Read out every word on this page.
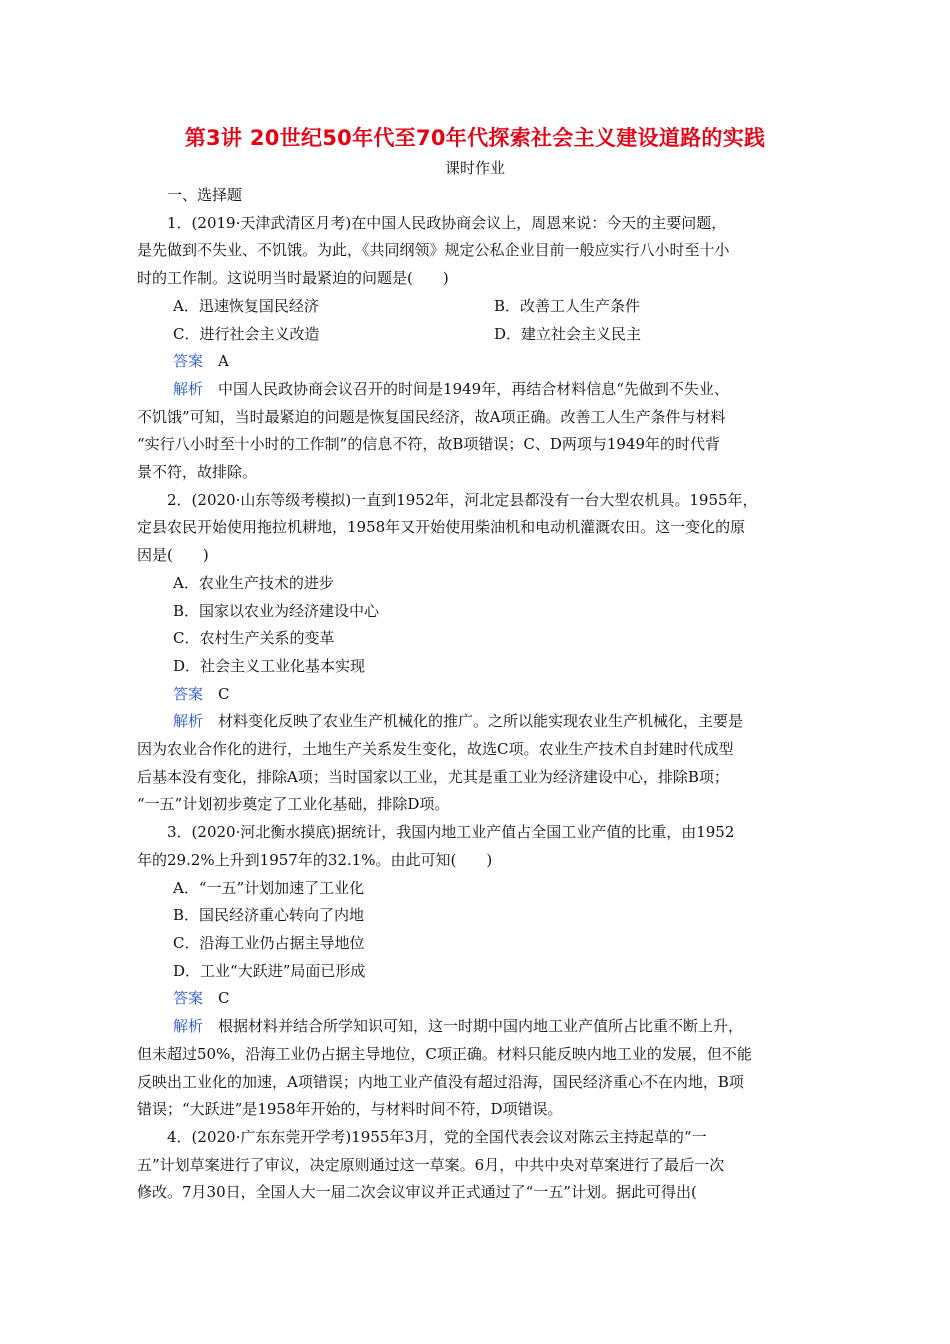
第3讲 20世纪50年代至70年代探索社会主义建设道路的实践
课时作业

一、选择题

1．(2019·天津武清区月考)在中国人民政协商会议上，周恩来说：今天的主要问题，

是先做到不失业、不饥饿。为此，《共同纲领》规定公私企业目前一般应实行八小时至十小

时的工作制。这说明当时最紧迫的问题是(　　)

A．迅速恢复国民经济	B．改善工人生产条件
C．进行社会主义改造	D．建立社会主义民主

答案　 A

解析　 中国人民政协商会议召开的时间是1949年，再结合材料信息“先做到不失业、

不饥饿”可知，当时最紧迫的问题是恢复国民经济，故A项正确。改善工人生产条件与材料

“实行八小时至十小时的工作制”的信息不符，故B项错误；C、D两项与1949年的时代背

景不符，故排除。

2．(2020·山东等级考模拟)一直到1952年，河北定县都没有一台大型农机具。1955年，

定县农民开始使用拖拉机耕地，1958年又开始使用柴油机和电动机灌溉农田。这一变化的原

因是(　　)

A．农业生产技术的进步

B．国家以农业为经济建设中心

C．农村生产关系的变革

D．社会主义工业化基本实现

答案　 C

解析　 材料变化反映了农业生产机械化的推广。之所以能实现农业生产机械化，主要是

因为农业合作化的进行，土地生产关系发生变化，故选C项。农业生产技术自封建时代成型

后基本没有变化，排除A项；当时国家以工业，尤其是重工业为经济建设中心，排除B项；

“一五”计划初步奠定了工业化基础，排除D项。

3．(2020·河北衡水摸底)据统计，我国内地工业产值占全国工业产值的比重，由1952

年的29.2%上升到1957年的32.1%。由此可知(　　)

A．“一五”计划加速了工业化

B．国民经济重心转向了内地

C．沿海工业仍占据主导地位

D．工业“大跃进”局面已形成

答案　 C

解析　 根据材料并结合所学知识可知，这一时期中国内地工业产值所占比重不断上升，

但未超过50%，沿海工业仍占据主导地位，C项正确。材料只能反映内地工业的发展，但不能

反映出工业化的加速，A项错误；内地工业产值没有超过沿海，国民经济重心不在内地，B项

错误；“大跃进”是1958年开始的，与材料时间不符，D项错误。

4．(2020·广东东莞开学考)1955年3月，党的全国代表会议对陈云主持起草的“一

五”计划草案进行了审议，决定原则通过这一草案。6月，中共中央对草案进行了最后一次

修改。7月30日，全国人大一届二次会议审议并正式通过了“一五”计划。据此可得出(
